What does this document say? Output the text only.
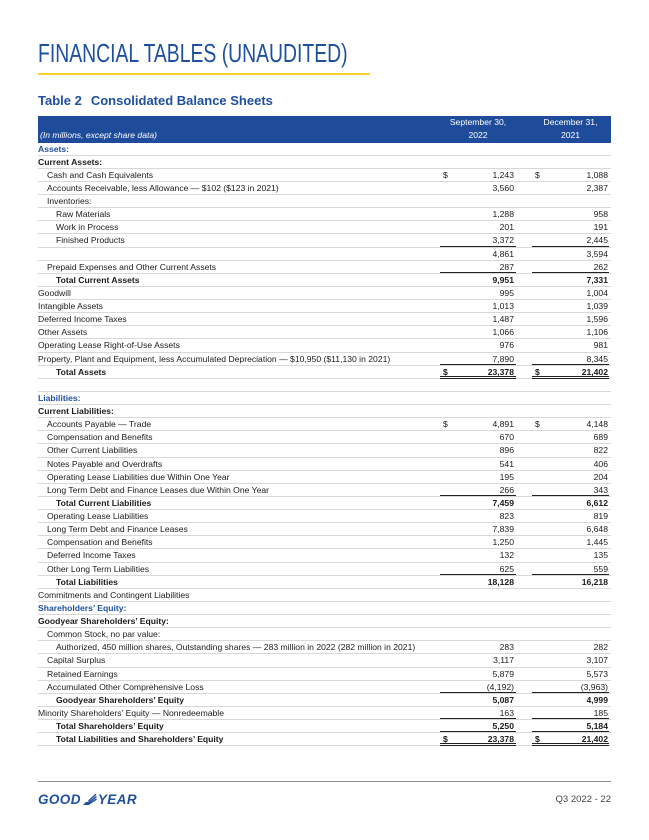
FINANCIAL TABLES (UNAUDITED)
Table 2 Consolidated Balance Sheets
September 30,	December 31,
(In millions, except share data)	2022	2021
Assets:
Current Assets:
Cash and Cash Equivalents	$	1,243 $	1,088
Accounts Receivable, less Allowance — $102 ($123 in 2021)	3,560	2,387
Inventories:
Raw Materials	1,288	958
Work in Process	201	191
Finished Products	3,372	2,445
4,861	3,594
Prepaid Expenses and Other Current Assets	287	262
Total Current Assets	9,951	7,331
Goodwill	995	1,004
Intangible Assets	1,013	1,039
Deferred Income Taxes	1,487	1,596
Other Assets	1,066	1,106
Operating Lease Right-of-Use Assets	976	981
Property, Plant and Equipment, less Accumulated Depreciation — $10,950 ($11,130 in 2021)	7,890	8,345
Total Assets	$	23,378 $	21,402
Liabilities:
Current Liabilities:
Accounts Payable — Trade	$	4,891 $	4,148
Compensation and Benefits	670	689
Other Current Liabilities	896	822
Notes Payable and Overdrafts	541	406
Operating Lease Liabilities due Within One Year	195	204
Long Term Debt and Finance Leases due Within One Year	266	343
Total Current Liabilities	7,459	6,612
Operating Lease Liabilities	823	819
Long Term Debt and Finance Leases	7,839	6,648
Compensation and Benefits	1,250	1,445
Deferred Income Taxes	132	135
Other Long Term Liabilities	625	559
Total Liabilities	18,128	16,218
Commitments and Contingent Liabilities
Shareholders’ Equity:
Goodyear Shareholders’ Equity:
Common Stock, no par value:
Authorized, 450 million shares, Outstanding shares — 283 million in 2022 (282 million in 2021)	283	282
Capital Surplus	3,117	3,107
Retained Earnings	5,879	5,573
Accumulated Other Comprehensive Loss	(4,192)	(3,963)
Goodyear Shareholders’ Equity	5,087	4,999
Minority Shareholders’ Equity — Nonredeemable	163	185
Total Shareholders’ Equity	5,250	5,184
Total Liabilities and Shareholders’ Equity	$	23,378 $	21,402
GOOD YEAR	Q3 2022 - 22
